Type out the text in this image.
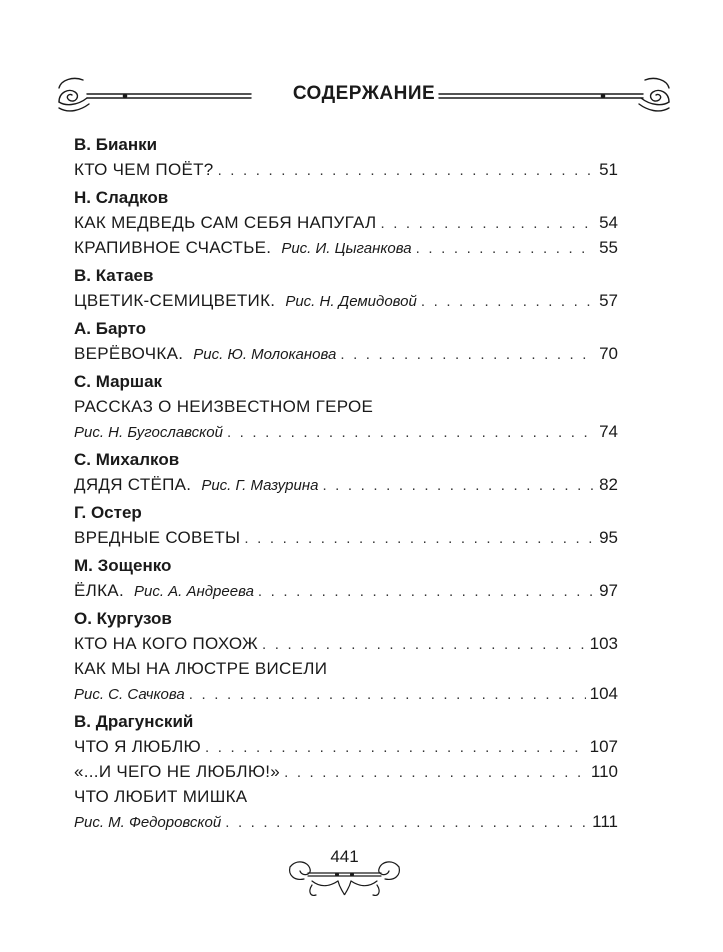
СОДЕРЖАНИЕ
В. Бианки
КТО ЧЕМ ПОЁТ? . . .	51
Н. Сладков
КАК МЕДВЕДЬ САМ СЕБЯ НАПУГАЛ . . .	54
КРАПИВНОЕ СЧАСТЬЕ. Рис. И. Цыганкова . . .	55
В. Катаев
ЦВЕТИК-СЕМИЦВЕТИК. Рис. Н. Демидовой . . .	57
А. Барто
ВЕРЁВОЧКА. Рис. Ю. Молоканова . . .	70
С. Маршак
РАССКАЗ О НЕИЗВЕСТНОМ ГЕРОЕ
Рис. Н. Бугославской . . .	74
С. Михалков
ДЯДЯ СТЁПА. Рис. Г. Мазурина . . .	82
Г. Остер
ВРЕДНЫЕ СОВЕТЫ . . .	95
М. Зощенко
ЁЛКА. Рис. А. Андреева . . .	97
О. Кургузов
КТО НА КОГО ПОХОЖ . . .	103
КАК МЫ НА ЛЮСТРЕ ВИСЕЛИ
Рис. С. Сачкова . . .	104
В. Драгунский
ЧТО Я ЛЮБЛЮ . . .	107
«...И ЧЕГО НЕ ЛЮБЛЮ!» . . .	110
ЧТО ЛЮБИТ МИШКА
Рис. М. Федоровской . . .	111
441
